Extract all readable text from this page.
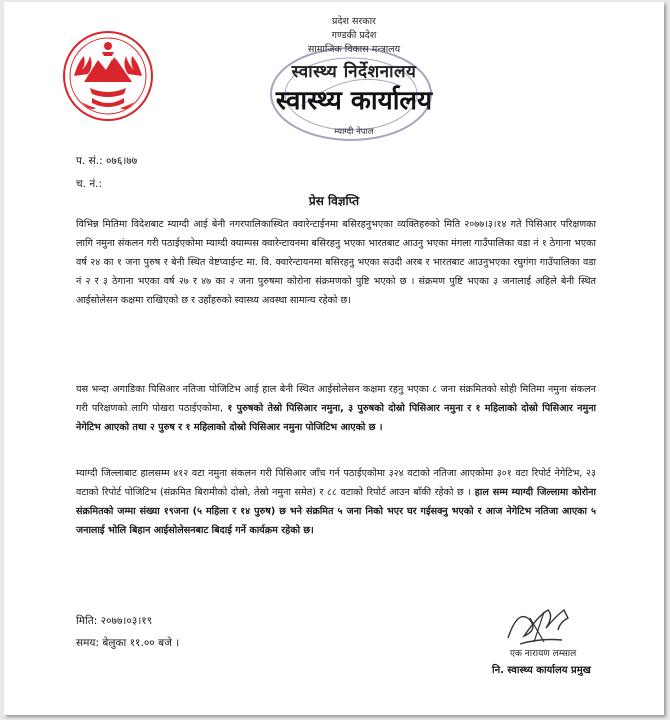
प्रदेश सरकार
गण्डकी प्रदेश
सामाजिक विकास मन्त्रालय
स्वास्थ्य निर्देशनालय
स्वास्थ्य कार्यालय
म्याग्दी नेपाल
प. सं.: ०७६।७७
च. नं.:
प्रेस विज्ञप्ति

विभिन्न मितिमा विदेशबाट म्याग्दी आई बेनी नगरपालिकास्थित क्वारेन्टाईनमा बसिरहनुभएका व्यक्तिहरुको मिति २०७७।३।१४ गते पिसिआर परिक्षणका लागि नमुना संकलन गरी पठाईएकोमा म्याग्दी क्याम्पस क्वारेन्टायनमा बसिरहनु भएका भारतबाट आउनु भएका मंगला गाउँपालिका वडा नं १ ठेगाना भएका वर्ष २४ का १ जना पुरुष र बेनी स्थित वेष्टप्वाईन्ट मा. वि. क्वारेन्टायनमा बसिरहनु भएका सउदी अरब र भारतबाट आउनुभएका रघुगंगा गाउँपालिका वडा नं २ र ३ ठेगाना भएका वर्ष २७ र ४७ का २ जना पुरुषमा कोरोना संक्रमणको पुष्टि भएको छ । संक्रमण पुष्टि भएका ३ जनालाई अहिले बेनी स्थित आईसोलेसन कक्षमा राखिएको छ र उहाँहरुको स्वास्थ्य अवस्था सामान्य रहेको छ।

यस भन्दा अगाडिका पिसिआर नतिजा पोजिटिभ आई हाल बेनी स्थित आईसोलेसन कक्षमा रहनु भएका ८ जना संक्रमितको सोही मितिमा नमुना संकलन गरी परिक्षणको लागि पोखरा पठाईएकोमा, १ पुरुषको तेस्रो पिसिआर नमुना, ३ पुरुषको दोस्रो पिसिआर नमुना र १ महिलाको दोस्रो पिसिआर नमुना नेगेटिभ आएको तथा २ पुरुष र १ महिलाको दोस्रो पिसिआर नमुना पोजिटिभ आएको छ ।

म्याग्दी जिल्लाबाट हालसम्म ४१२ वटा नमुना संकलन गरी पिसिआर जाँच गर्न पठाईएकोमा ३२४ वटाको नतिजा आएकोमा ३०१ वटा रिपोर्ट नेगेटिभ, २३ वटाको रिपोर्ट पोजिटिभ (संक्रमित बिरामीको दोस्रो, तेस्रो नमुना समेत) र ८८ वटाको रिपोर्ट आउन बाँकी रहेको छ । हाल सम्म म्याग्दी जिल्लामा कोरोना संक्रमितको जम्मा संख्या १९जना (५ महिला र १४ पुरुष) छ भने संक्रमित ५ जना निको भएर घर गईसक्नु भएको र आज नेगेटिभ नतिजा आएका ५ जनालाई भोलि बिहान आईसोलेसनबाट बिदाई गर्ने कार्यक्रम रहेको छ।

मिति: २०७७।०३।१९
समय: बेलुका ११.०० बजे ।
एक नारायण लम्साल
नि. स्वास्थ्य कार्यालय प्रमुख
